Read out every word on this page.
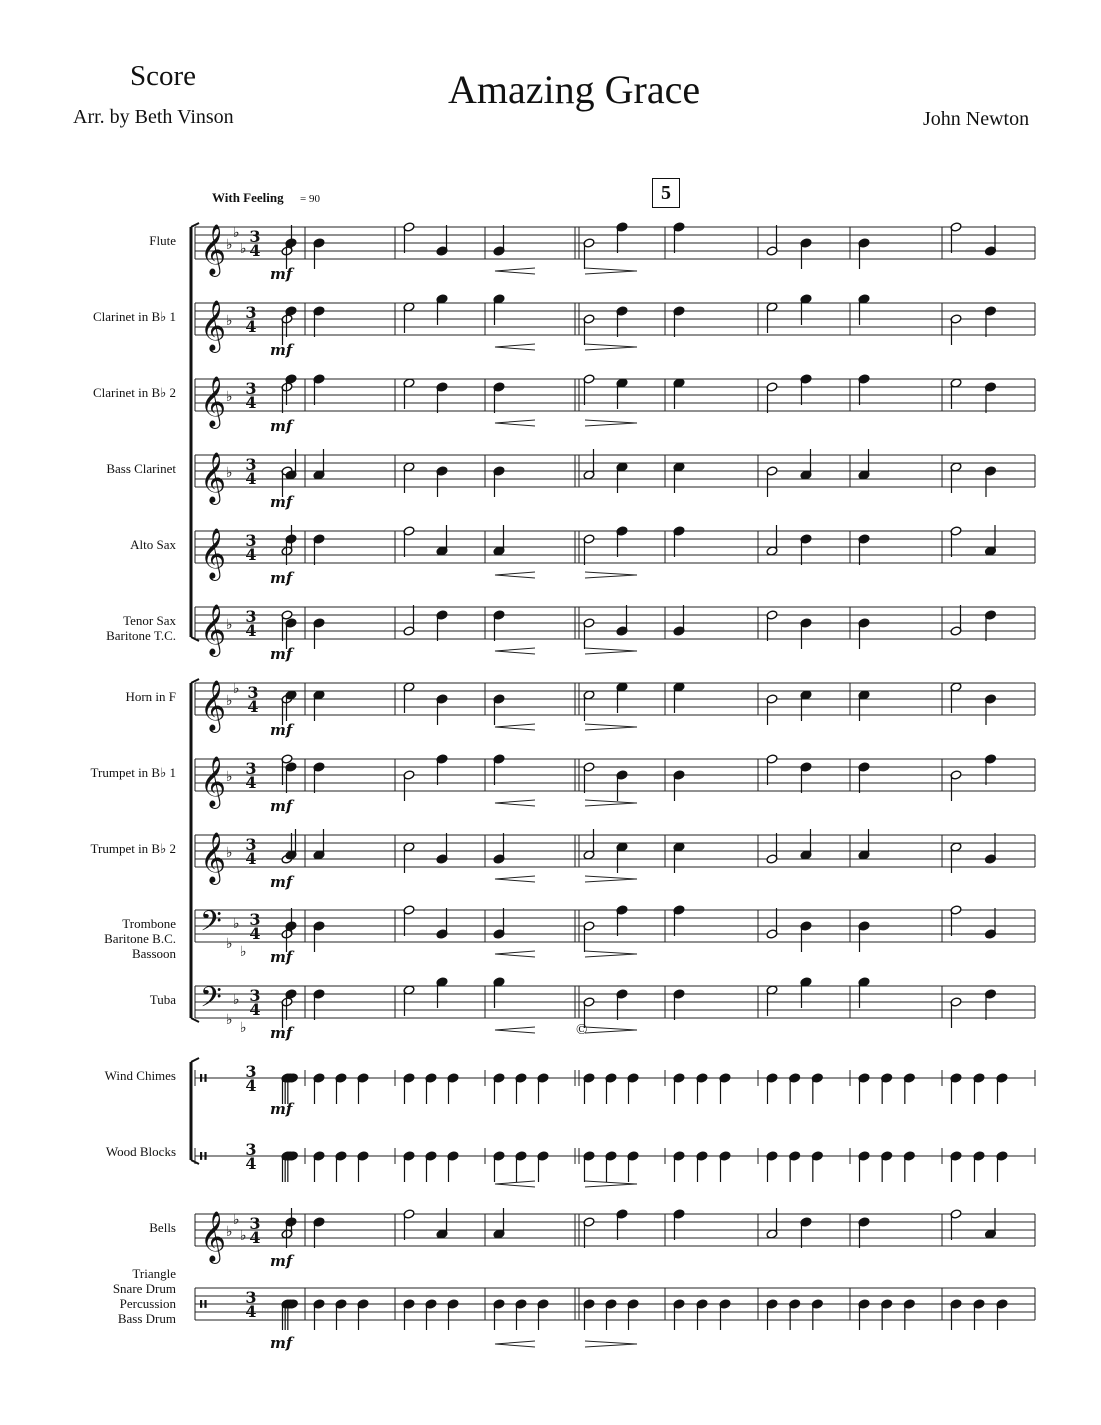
Score
Arr. by Beth Vinson
Amazing Grace
John Newton
With Feeling = 90	5
©
Flute
Clarinet in B♭ 1
Clarinet in B♭ 2
Bass Clarinet
Alto Sax
Tenor Sax
Baritone T.C.
Horn in F
Trumpet in B♭ 1
Trumpet in B♭ 2
Trombone
Baritone B.C.
Bassoon
Tuba
Wind Chimes
Wood Blocks
Bells
Triangle
Snare Drum
Percussion
Bass Drum
𝄞 ♭
♭
♭
3
4
mf
𝄞 ♭ 3
4
mf
𝄞 ♭ 3
4
mf
𝄞 ♭ 3
4
mf
𝄞 3
4
mf
𝄞 ♭ 3
4
mf
𝄞 ♭
♭ 3
4
mf
𝄞 ♭ 3
4
mf
𝄞 ♭ 3
4
mf
𝄢 ♭
♭
♭
3
4
mf
𝄢 ♭
♭
♭
3
4
mf
𝄥 3
4
mf
𝄥 3
4
𝄞 ♭
♭
♭
3
4
mf
𝄥 3
4
mf
